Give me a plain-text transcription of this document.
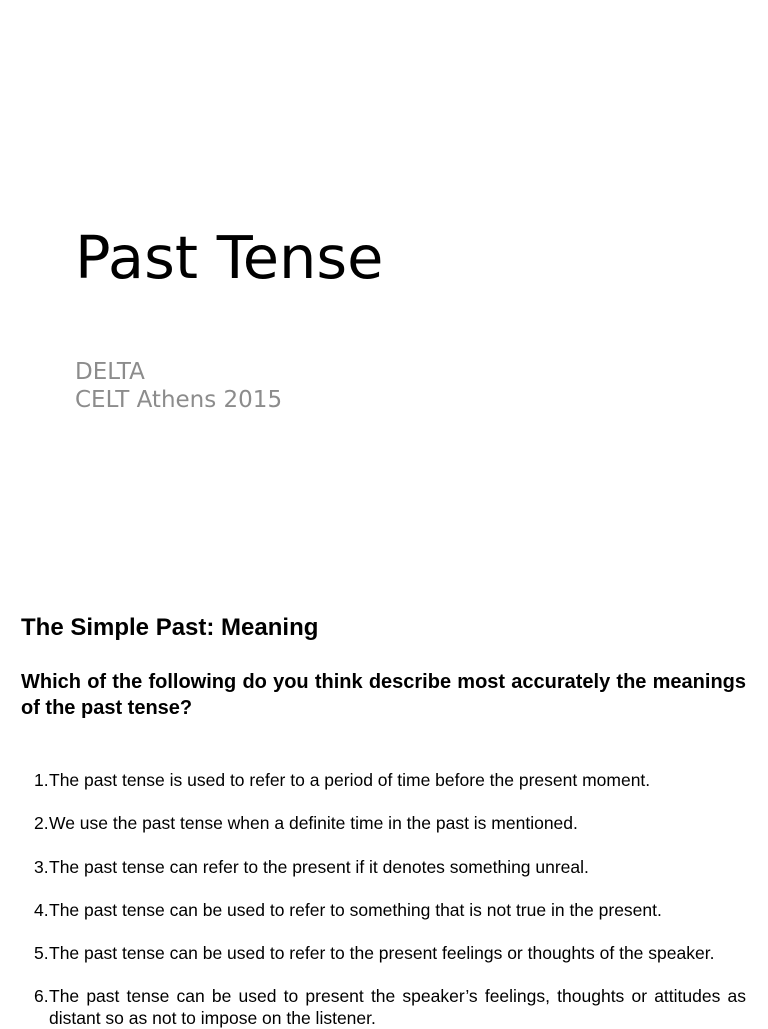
Past Tense
DELTA
CELT Athens 2015
The Simple Past: Meaning

Which of the following do you think describe most accurately the meanings of the past tense?

1. The past tense is used to refer to a period of time before the present moment.
2. We use the past tense when a definite time in the past is mentioned.
3. The past tense can refer to the present if it denotes something unreal.
4. The past tense can be used to refer to something that is not true in the present.
5. The past tense can be used to refer to the present feelings or thoughts of the speaker.
6. The past tense can be used to present the speaker’s feelings, thoughts or attitudes as distant so as not to impose on the listener.
